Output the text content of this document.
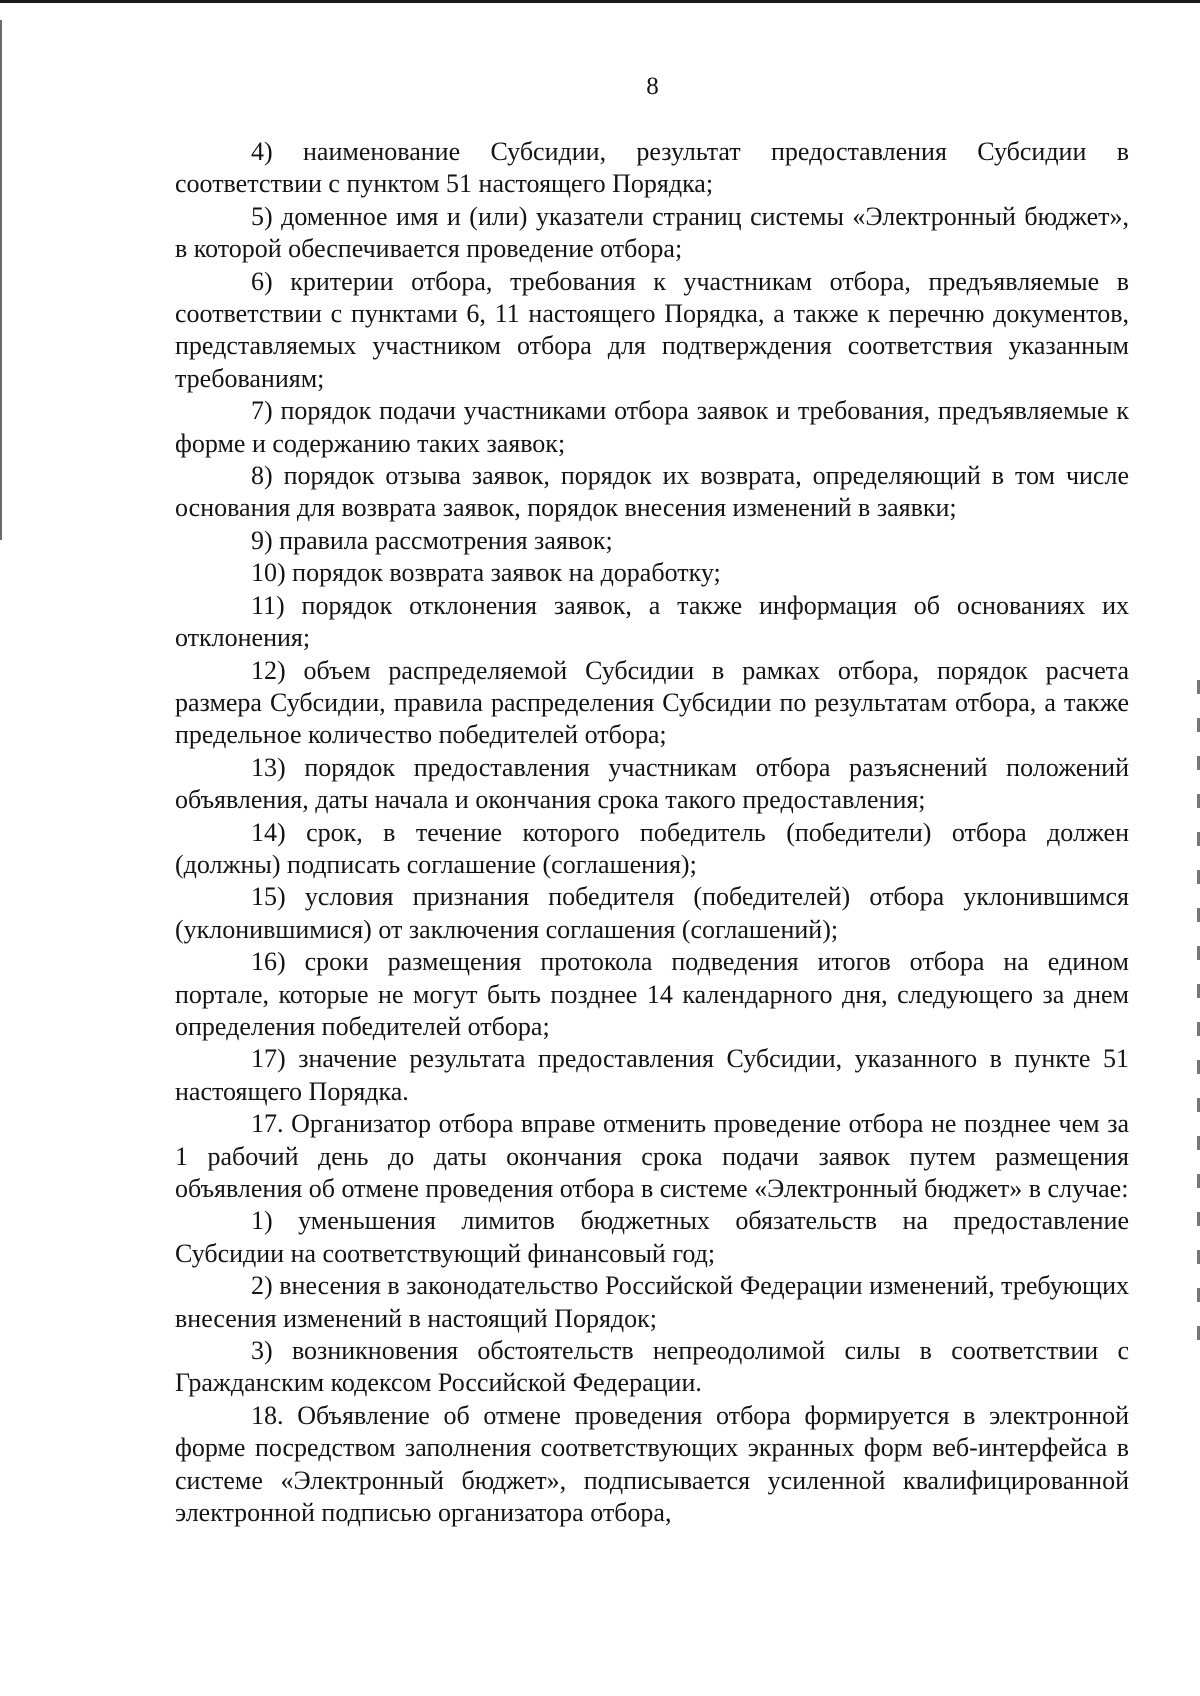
8

4) наименование Субсидии, результат предоставления Субсидии в соответствии с пунктом 51 настоящего Порядка;

5) доменное имя и (или) указатели страниц системы «Электронный бюджет», в которой обеспечивается проведение отбора;

6) критерии отбора, требования к участникам отбора, предъявляемые в соответствии с пунктами 6, 11 настоящего Порядка, а также к перечню документов, представляемых участником отбора для подтверждения соответствия указанным требованиям;

7) порядок подачи участниками отбора заявок и требования, предъявляемые к форме и содержанию таких заявок;

8) порядок отзыва заявок, порядок их возврата, определяющий в том числе основания для возврата заявок, порядок внесения изменений в заявки;

9) правила рассмотрения заявок;

10) порядок возврата заявок на доработку;

11) порядок отклонения заявок, а также информация об основаниях их отклонения;

12) объем распределяемой Субсидии в рамках отбора, порядок расчета размера Субсидии, правила распределения Субсидии по результатам отбора, а также предельное количество победителей отбора;

13) порядок предоставления участникам отбора разъяснений положений объявления, даты начала и окончания срока такого предоставления;

14) срок, в течение которого победитель (победители) отбора должен (должны) подписать соглашение (соглашения);

15) условия признания победителя (победителей) отбора уклонившимся (уклонившимися) от заключения соглашения (соглашений);

16) сроки размещения протокола подведения итогов отбора на едином портале, которые не могут быть позднее 14 календарного дня, следующего за днем определения победителей отбора;

17) значение результата предоставления Субсидии, указанного в пункте 51 настоящего Порядка.

17. Организатор отбора вправе отменить проведение отбора не позднее чем за 1 рабочий день до даты окончания срока подачи заявок путем размещения объявления об отмене проведения отбора в системе «Электронный бюджет» в случае:

1) уменьшения лимитов бюджетных обязательств на предоставление Субсидии на соответствующий финансовый год;

2) внесения в законодательство Российской Федерации изменений, требующих внесения изменений в настоящий Порядок;

3) возникновения обстоятельств непреодолимой силы в соответствии с Гражданским кодексом Российской Федерации.

18. Объявление об отмене проведения отбора формируется в электронной форме посредством заполнения соответствующих экранных форм веб-интерфейса в системе «Электронный бюджет», подписывается усиленной квалифицированной электронной подписью организатора отбора,
